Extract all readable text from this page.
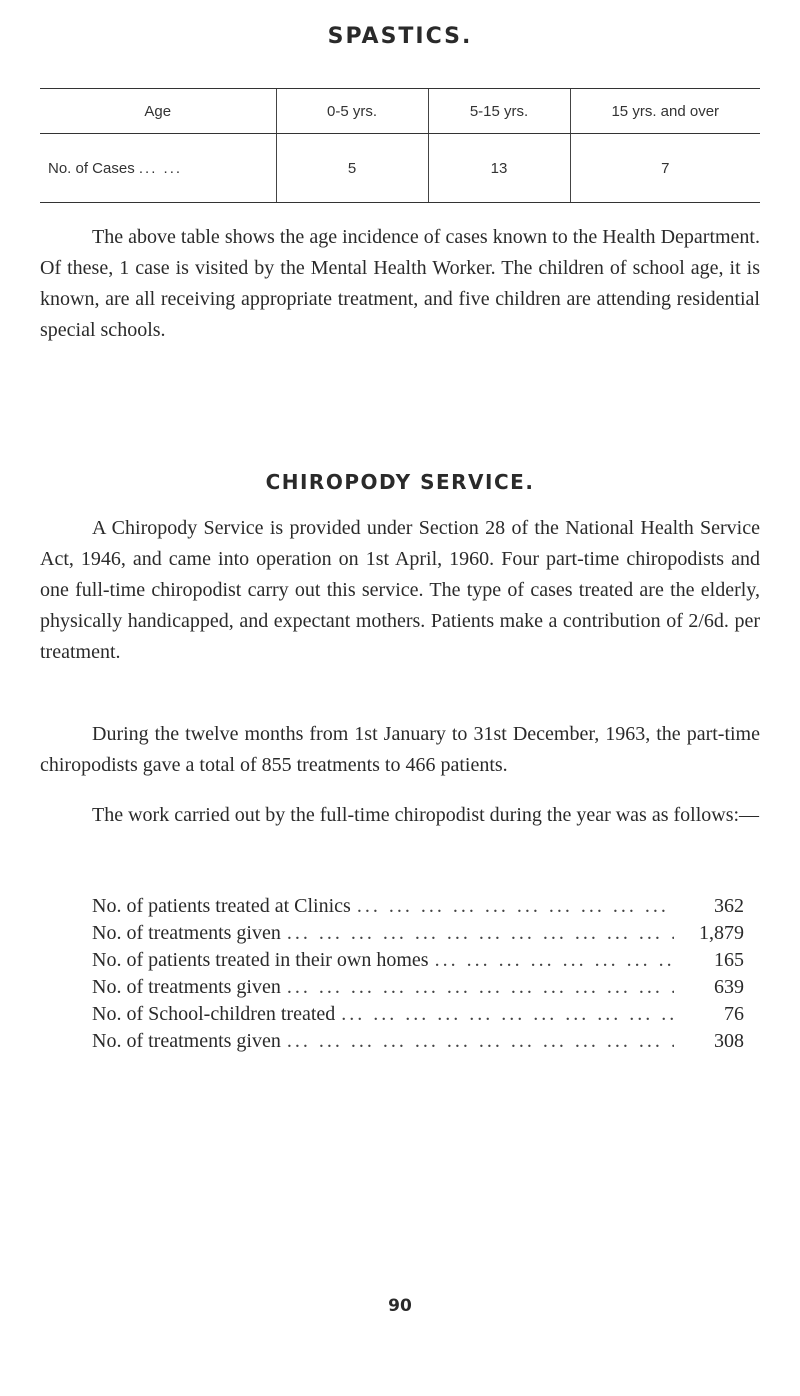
SPASTICS.
Age	0-5 yrs.	5-15 yrs.	15 yrs. and over
No. of Cases ... ...	5	13	7

The above table shows the age incidence of cases known to the Health Department. Of these, 1 case is visited by the Mental Health Worker. The children of school age, it is known, are all receiving appropriate treatment, and five children are attending residential special schools.

CHIROPODY SERVICE.

A Chiropody Service is provided under Section 28 of the National Health Service Act, 1946, and came into operation on 1st April, 1960. Four part-time chiropodists and one full-time chiropodist carry out this service. The type of cases treated are the elderly, physically handicapped, and expectant mothers. Patients make a contribution of 2/6d. per treatment.

During the twelve months from 1st January to 31st December, 1963, the part-time chiropodists gave a total of 855 treatments to 466 patients.

The work carried out by the full-time chiropodist during the year was as follows:—

No. of patients treated at Clinics ... .	362
No. of treatments given ... .	1,879
No. of patients treated in their own homes ... .	165
No. of treatments given ... .	639
No. of School-children treated ... .	76
No. of treatments given ... .	308
90
